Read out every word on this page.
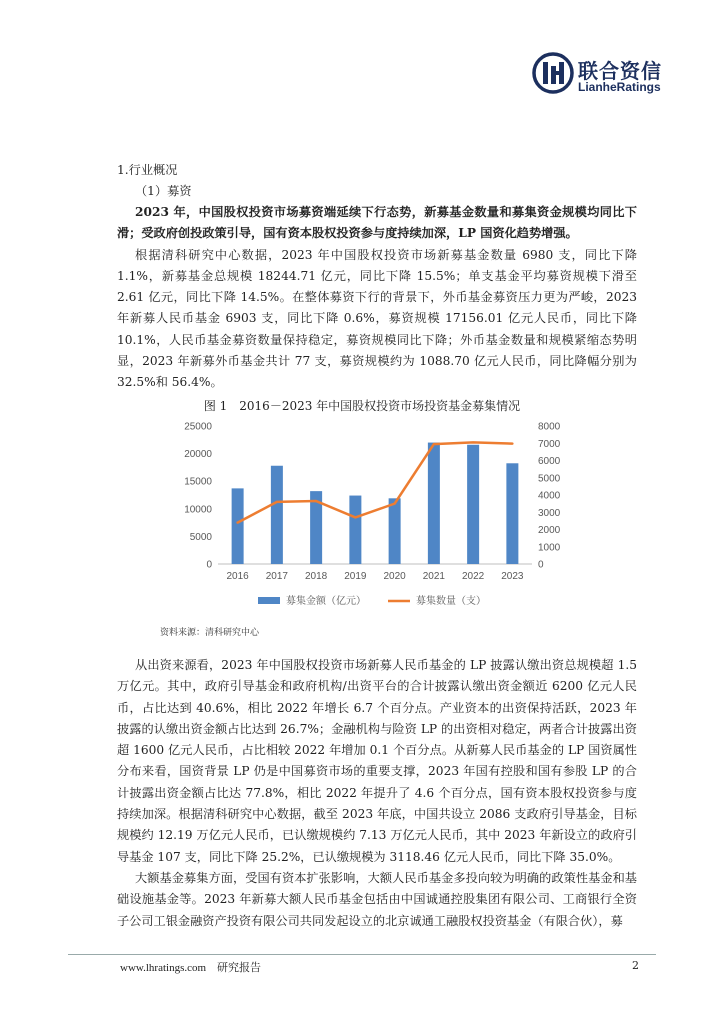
联合资信
LianheRatings
1.行业概况
（1）募资

2023 年，中国股权投资市场募资端延续下行态势，新募基金数量和募集资金规模均同比下滑；受政府创投政策引导，国有资本股权投资参与度持续加深，LP 国资化趋势增强。

根据清科研究中心数据，2023 年中国股权投资市场新募基金数量 6980 支，同比下降 1.1%，新募基金总规模 18244.71 亿元，同比下降 15.5%；单支基金平均募资规模下滑至 2.61 亿元，同比下降 14.5%。在整体募资下行的背景下，外币基金募资压力更为严峻，2023 年新募人民币基金 6903 支，同比下降 0.6%，募资规模 17156.01 亿元人民币，同比下降 10.1%，人民币基金募资数量保持稳定，募资规模同比下降；外币基金数量和规模紧缩态势明显，2023 年新募外币基金共计 77 支，募资规模约为 1088.70 亿元人民币，同比降幅分别为 32.5%和 56.4%。

图 1　2016－2023 年中国股权投资市场投资基金募集情况
0
5000
10000
15000
20000
25000
0
1000
2000
3000
4000
5000
6000
7000
8000
2016 2017 2018 2019 2020 2021 2022 2023
募集金额（亿元）	募集数量（支）
资料来源：清科研究中心

从出资来源看，2023 年中国股权投资市场新募人民币基金的 LP 披露认缴出资总规模超 1.5 万亿元。其中，政府引导基金和政府机构/出资平台的合计披露认缴出资金额近 6200 亿元人民币，占比达到 40.6%，相比 2022 年增长 6.7 个百分点。产业资本的出资保持活跃，2023 年披露的认缴出资金额占比达到 26.7%；金融机构与险资 LP 的出资相对稳定，两者合计披露出资超 1600 亿元人民币，占比相较 2022 年增加 0.1 个百分点。从新募人民币基金的 LP 国资属性分布来看，国资背景 LP 仍是中国募资市场的重要支撑，2023 年国有控股和国有参股 LP 的合计披露出资金额占比达 77.8%，相比 2022 年提升了 4.6 个百分点，国有资本股权投资参与度持续加深。根据清科研究中心数据，截至 2023 年底，中国共设立 2086 支政府引导基金，目标规模约 12.19 万亿元人民币，已认缴规模约 7.13 万亿元人民币，其中 2023 年新设立的政府引导基金 107 支，同比下降 25.2%，已认缴规模为 3118.46 亿元人民币，同比下降 35.0%。

大额基金募集方面，受国有资本扩张影响，大额人民币基金多投向较为明确的政策性基金和基础设施基金等。2023 年新募大额人民币基金包括由中国诚通控股集团有限公司、工商银行全资子公司工银金融资产投资有限公司共同发起设立的北京诚通工融股权投资基金（有限合伙），募

www.lhratings.com　研究报告	2
